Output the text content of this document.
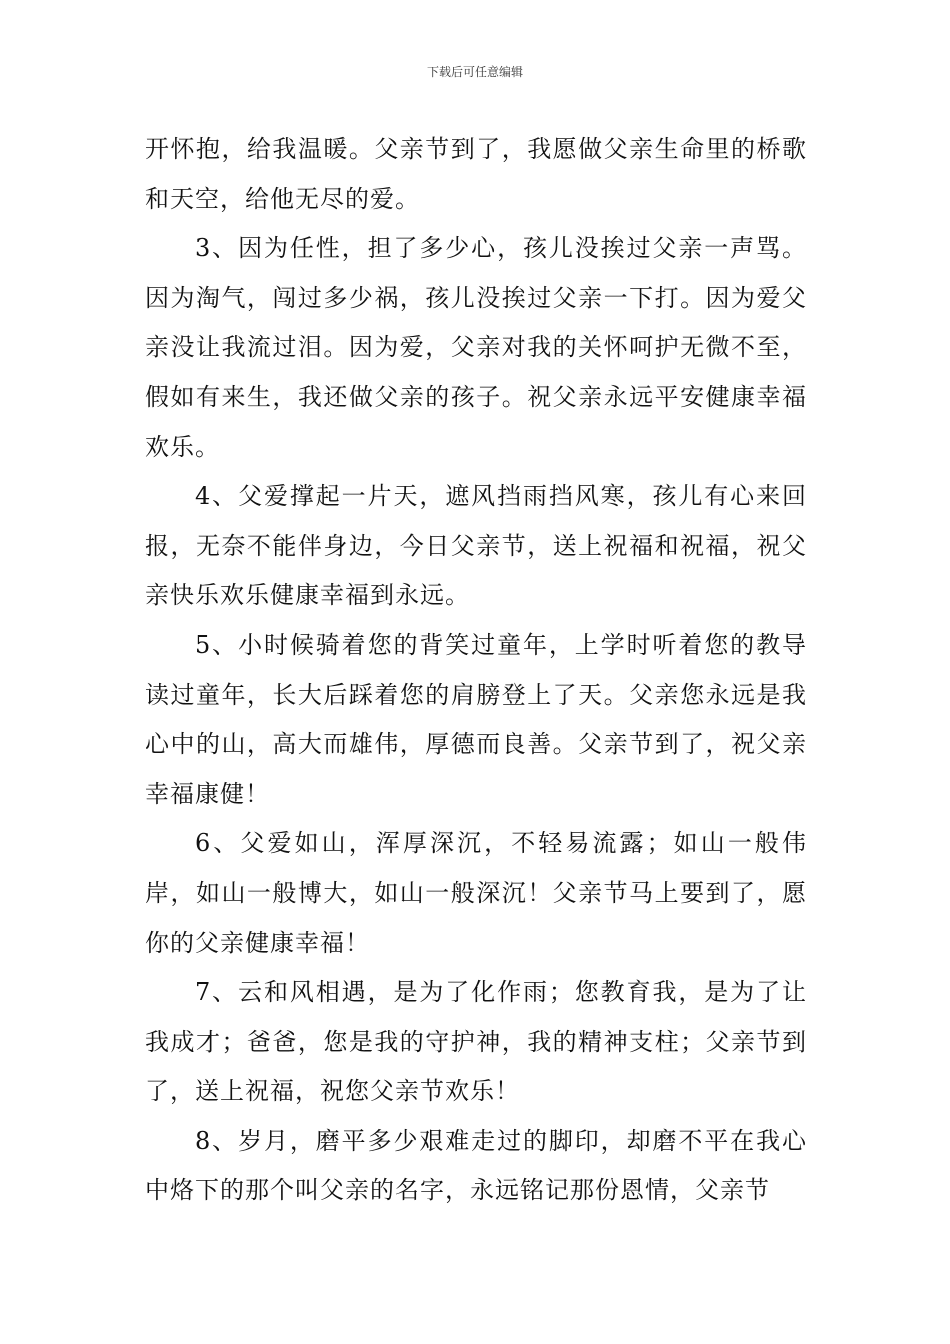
下载后可任意编辑

开怀抱，给我温暖。父亲节到了，我愿做父亲生命里的桥歌和天空，给他无尽的爱。

3、因为任性，担了多少心，孩儿没挨过父亲一声骂。因为淘气，闯过多少祸，孩儿没挨过父亲一下打。因为爱父亲没让我流过泪。因为爱，父亲对我的关怀呵护无微不至，假如有来生，我还做父亲的孩子。祝父亲永远平安健康幸福欢乐。

4、父爱撑起一片天，遮风挡雨挡风寒，孩儿有心来回报，无奈不能伴身边，今日父亲节，送上祝福和祝福，祝父亲快乐欢乐健康幸福到永远。

5、小时候骑着您的背笑过童年，上学时听着您的教导读过童年，长大后踩着您的肩膀登上了天。父亲您永远是我心中的山，高大而雄伟，厚德而良善。父亲节到了，祝父亲幸福康健！

6、父爱如山，浑厚深沉，不轻易流露；如山一般伟岸，如山一般博大，如山一般深沉！父亲节马上要到了，愿你的父亲健康幸福！

7、云和风相遇，是为了化作雨；您教育我，是为了让我成才；爸爸，您是我的守护神，我的精神支柱；父亲节到了，送上祝福，祝您父亲节欢乐！

8、岁月，磨平多少艰难走过的脚印，却磨不平在我心中烙下的那个叫父亲的名字，永远铭记那份恩情，父亲节
